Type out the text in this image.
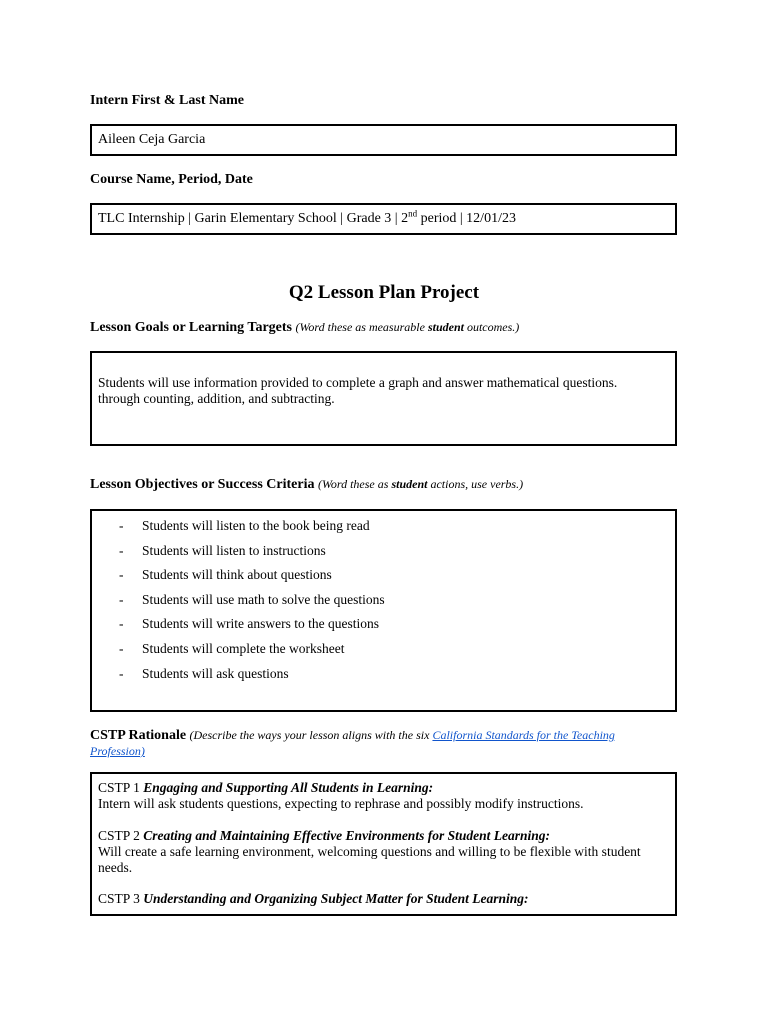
Intern First & Last Name
Aileen Ceja Garcia
Course Name, Period, Date
TLC Internship | Garin Elementary School | Grade 3 | 2nd period | 12/01/23
Q2 Lesson Plan Project
Lesson Goals or Learning Targets (Word these as measurable student outcomes.)
Students will use information provided to complete a graph and answer mathematical questions.
through counting, addition, and subtracting.
Lesson Objectives or Success Criteria (Word these as student actions, use verbs.)
- Students will listen to the book being read
- Students will listen to instructions
- Students will think about questions
- Students will use math to solve the questions
- Students will write answers to the questions
- Students will complete the worksheet
- Students will ask questions
CSTP Rationale (Describe the ways your lesson aligns with the six California Standards for the Teaching Profession)
CSTP 1 Engaging and Supporting All Students in Learning:
Intern will ask students questions, expecting to rephrase and possibly modify instructions.
CSTP 2 Creating and Maintaining Effective Environments for Student Learning:
Will create a safe learning environment, welcoming questions and willing to be flexible with student needs.
CSTP 3 Understanding and Organizing Subject Matter for Student Learning:
